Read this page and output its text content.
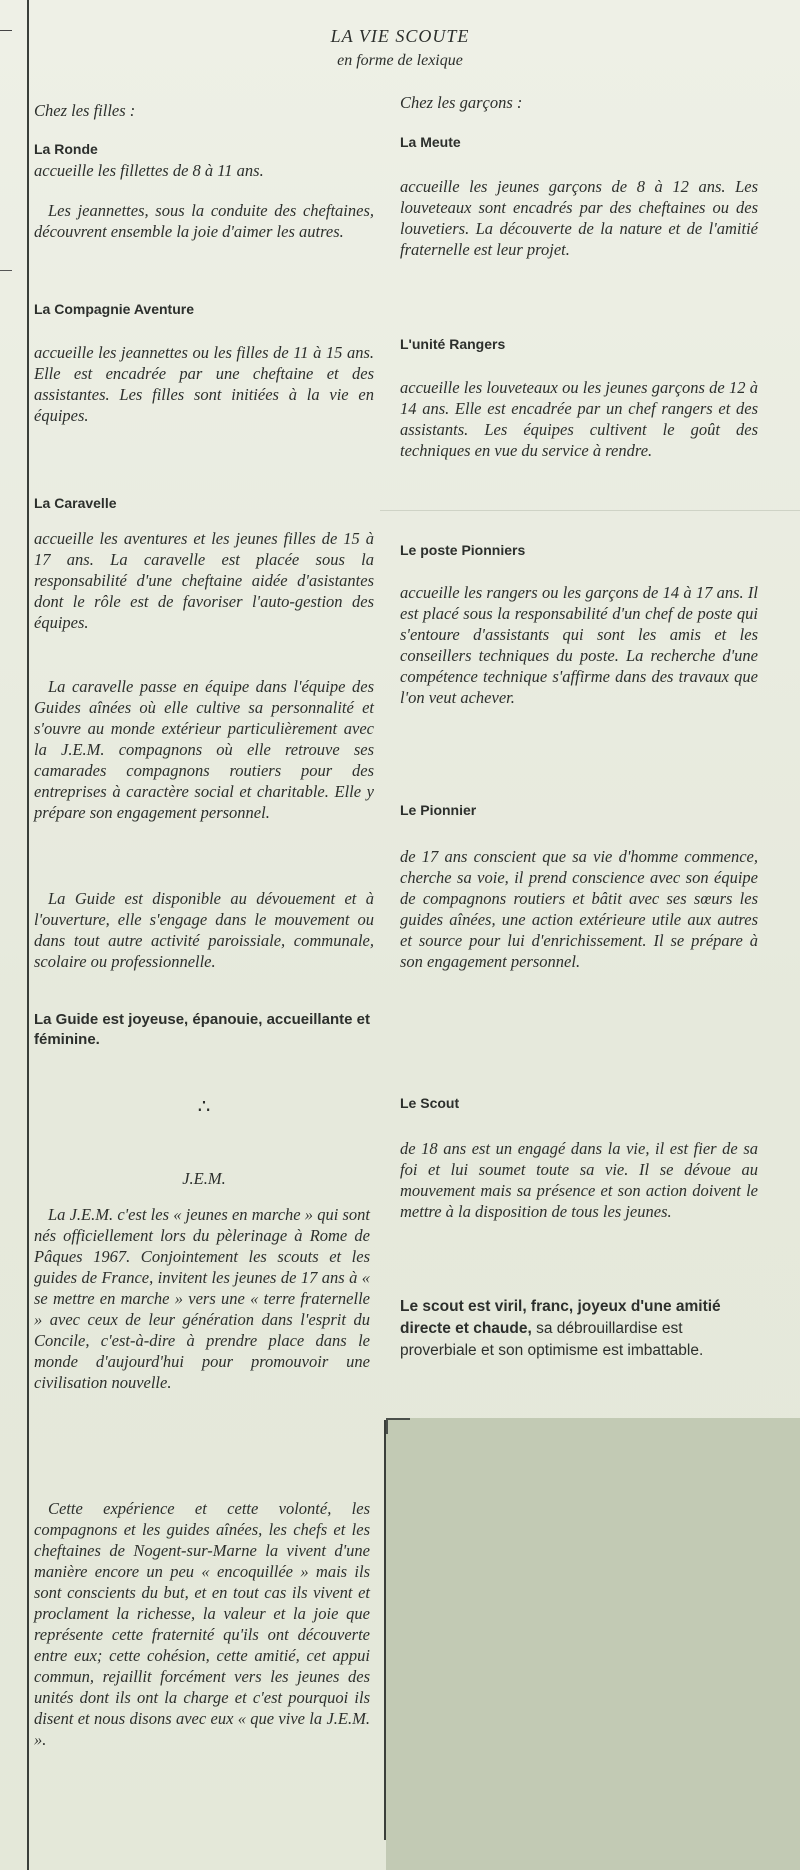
LA VIE SCOUTE
en forme de lexique
Chez les filles :
La Ronde
accueille les fillettes de 8 à 11 ans.
Les jeannettes, sous la conduite des cheftaines, découvrent ensemble la joie d'aimer les autres.
La Compagnie Aventure
accueille les jeannettes ou les filles de 11 à 15 ans. Elle est encadrée par une cheftaine et des assistantes. Les filles sont initiées à la vie en équipes.
La Caravelle
accueille les aventures et les jeunes filles de 15 à 17 ans. La caravelle est placée sous la responsabilité d'une cheftaine aidée d'asistantes dont le rôle est de favoriser l'auto-gestion des équipes.
La caravelle passe en équipe dans l'équipe des Guides aînées où elle cultive sa personnalité et s'ouvre au monde extérieur particulièrement avec la J.E.M. compagnons où elle retrouve ses camarades compagnons routiers pour des entreprises à caractère social et charitable. Elle y prépare son engagement personnel.
La Guide est disponible au dévouement et à l'ouverture, elle s'engage dans le mouvement ou dans tout autre activité paroissiale, communale, scolaire ou professionnelle.
La Guide est joyeuse, épanouie, accueillante et féminine.
∴
J.E.M.
La J.E.M. c'est les « jeunes en marche » qui sont nés officiellement lors du pèlerinage à Rome de Pâques 1967. Conjointement les scouts et les guides de France, invitent les jeunes de 17 ans à « se mettre en marche » vers une « terre fraternelle » avec ceux de leur génération dans l'esprit du Concile, c'est-à-dire à prendre place dans le monde d'aujourd'hui pour promouvoir une civilisation nouvelle.
Cette expérience et cette volonté, les compagnons et les guides aînées, les chefs et les cheftaines de Nogent-sur-Marne la vivent d'une manière encore un peu « encoquillée » mais ils sont conscients du but, et en tout cas ils vivent et proclament la richesse, la valeur et la joie que représente cette fraternité qu'ils ont découverte entre eux; cette cohésion, cette amitié, cet appui commun, rejaillit forcément vers les jeunes des unités dont ils ont la charge et c'est pourquoi ils disent et nous disons avec eux « que vive la J.E.M. ».
Chez les garçons :
La Meute
accueille les jeunes garçons de 8 à 12 ans. Les louveteaux sont encadrés par des cheftaines ou des louvetiers. La découverte de la nature et de l'amitié fraternelle est leur projet.
L'unité Rangers
accueille les louveteaux ou les jeunes garçons de 12 à 14 ans. Elle est encadrée par un chef rangers et des assistants. Les équipes cultivent le goût des techniques en vue du service à rendre.
Le poste Pionniers
accueille les rangers ou les garçons de 14 à 17 ans. Il est placé sous la responsabilité d'un chef de poste qui s'entoure d'assistants qui sont les amis et les conseillers techniques du poste. La recherche d'une compétence technique s'affirme dans des travaux que l'on veut achever.
Le Pionnier
de 17 ans conscient que sa vie d'homme commence, cherche sa voie, il prend conscience avec son équipe de compagnons routiers et bâtit avec ses sœurs les guides aînées, une action extérieure utile aux autres et source pour lui d'enrichissement. Il se prépare à son engagement personnel.
Le Scout
de 18 ans est un engagé dans la vie, il est fier de sa foi et lui soumet toute sa vie. Il se dévoue au mouvement mais sa présence et son action doivent le mettre à la disposition de tous les jeunes.
Le scout est viril, franc, joyeux d'une amitié directe et chaude, sa débrouillardise est proverbiale et son optimisme est imbattable.
